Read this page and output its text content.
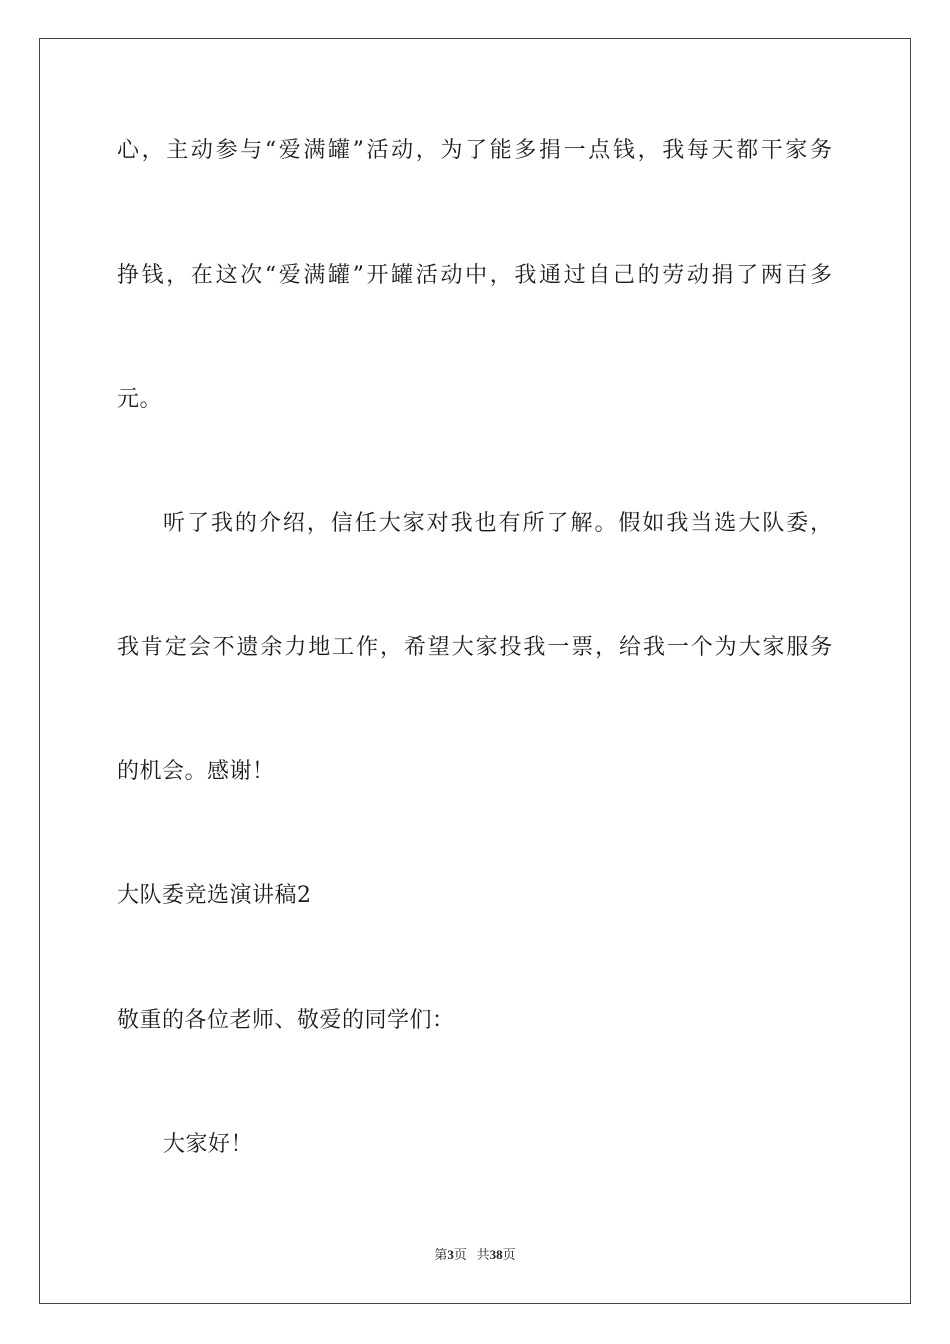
心 ， 主 动 参 与 “ 爱 满 罐 ” 活 动 ， 为 了 能 多 捐 一 点 钱 ， 我 每 天 都 干 家 务
挣 钱 ， 在 这 次 “ 爱 满 罐 ” 开 罐 活 动 中 ， 我 通 过 自 己 的 劳 动 捐 了 两 百 多
元。
听 了 我 的 介 绍 ， 信 任 大 家 对 我 也 有 所 了 解 。 假 如 我 当 选 大 队 委 ，
我 肯 定 会 不 遗 余 力 地 工 作 ， 希 望 大 家 投 我 一 票 ， 给 我 一 个 为 大 家 服 务
的机会。感谢！
大队委竞选演讲稿2
敬重的各位老师、敬爱的同学们：
大家好！
第3页 共38页
